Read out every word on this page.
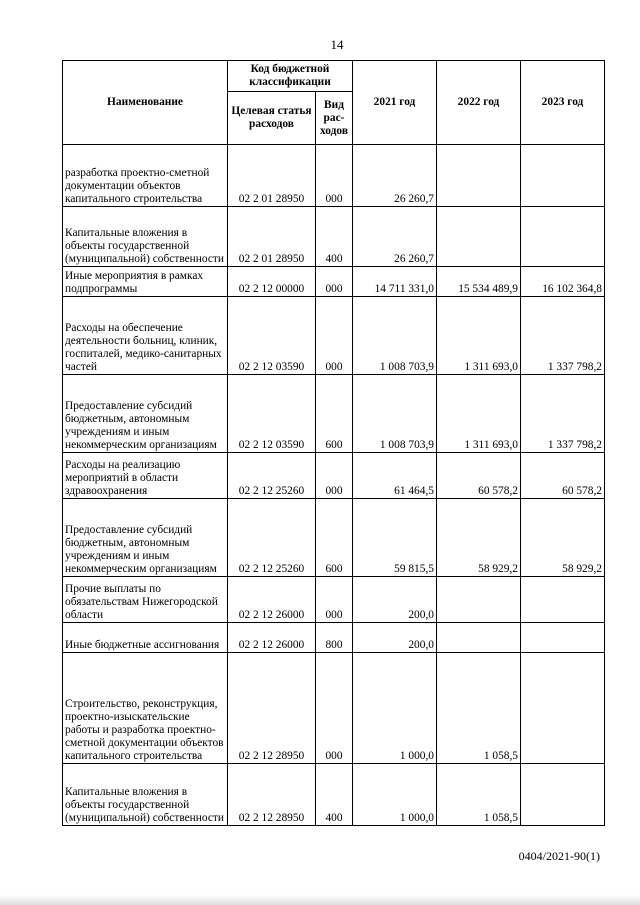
14
Наименование	Код бюджетной классификации		2021 год	2022 год	2023 год
	Целевая статья расходов	Вид рас-ходов			
разработка проектно-сметной документации объектов капитального строительства	02 2 01 28950	000	26 260,7		
Капитальные вложения в объекты государственной (муниципальной) собственности	02 2 01 28950	400	26 260,7		
Иные мероприятия в рамках подпрограммы	02 2 12 00000	000	14 711 331,0	15 534 489,9	16 102 364,8
Расходы на обеспечение деятельности больниц, клиник, госпиталей, медико-санитарных частей	02 2 12 03590	000	1 008 703,9	1 311 693,0	1 337 798,2
Предоставление субсидий бюджетным, автономным учреждениям и иным некоммерческим организациям	02 2 12 03590	600	1 008 703,9	1 311 693,0	1 337 798,2
Расходы на реализацию мероприятий в области здравоохранения	02 2 12 25260	000	61 464,5	60 578,2	60 578,2
Предоставление субсидий бюджетным, автономным учреждениям и иным некоммерческим организациям	02 2 12 25260	600	59 815,5	58 929,2	58 929,2
Прочие выплаты по обязательствам Нижегородской области	02 2 12 26000	000	200,0		
Иные бюджетные ассигнования	02 2 12 26000	800	200,0		
Строительство, реконструкция, проектно-изыскательские работы и разработка проектно-сметной документации объектов капитального строительства	02 2 12 28950	000	1 000,0	1 058,5	
Капитальные вложения в объекты государственной (муниципальной) собственности	02 2 12 28950	400	1 000,0	1 058,5	
0404/2021-90(1)
